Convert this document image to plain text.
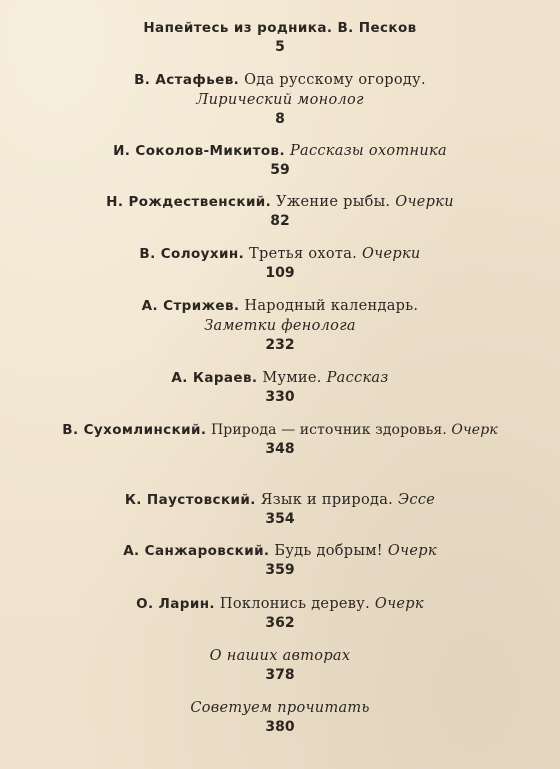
Напейтесь из родника. В. Песков
5
В. Астафьев. Ода русскому огороду.
Лирический монолог
8
И. Соколов-Микитов. Рассказы охотника
59
Н. Рождественский. Ужение рыбы. Очерки
82
В. Солоухин. Третья охота. Очерки
109
А. Стрижев. Народный календарь.
Заметки фенолога
232
А. Караев. Мумие. Рассказ
330
В. Сухомлинский. Природа — источник здоровья. Очерк
348
К. Паустовский. Язык и природа. Эссе
354
А. Санжаровский. Будь добрым! Очерк
359
О. Ларин. Поклонись дереву. Очерк
362
О наших авторах
378
Советуем прочитать
380
